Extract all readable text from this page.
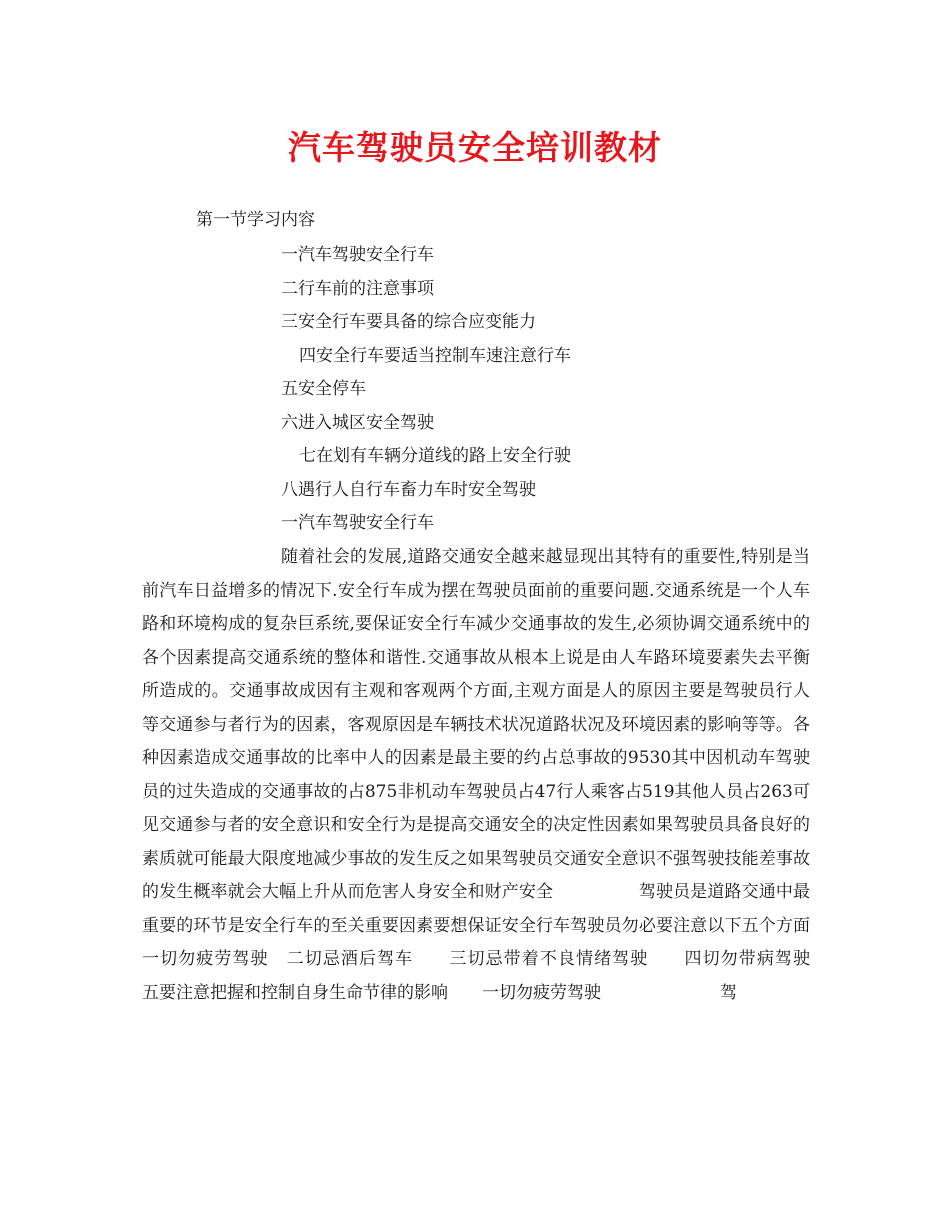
汽车驾驶员安全培训教材
第一节学习内容
一汽车驾驶安全行车
二行车前的注意事项
三安全行车要具备的综合应变能力
四安全行车要适当控制车速注意行车
五安全停车
六进入城区安全驾驶
七在划有车辆分道线的路上安全行驶
八遇行人自行车畜力车时安全驾驶
一汽车驾驶安全行车

随着社会的发展,道路交通安全越来越显现出其特有的重要性,特别是当前汽车日益增多的情况下.安全行车成为摆在驾驶员面前的重要问题.交通系统是一个人车路和环境构成的复杂巨系统,要保证安全行车减少交通事故的发生,必须协调交通系统中的各个因素提高交通系统的整体和谐性.交通事故从根本上说是由人车路环境要素失去平衡所造成的。交通事故成因有主观和客观两个方面,主观方面是人的原因主要是驾驶员行人等交通参与者行为的因素，客观原因是车辆技术状况道路状况及环境因素的影响等等。各种因素造成交通事故的比率中人的因素是最主要的约占总事故的9530其中因机动车驾驶员的过失造成的交通事故的占875非机动车驾驶员占47行人乘客占519其他人员占263可见交通参与者的安全意识和安全行为是提高交通安全的决定性因素如果驾驶员具备良好的素质就可能最大限度地减少事故的发生反之如果驾驶员交通安全意识不强驾驶技能差事故的发生概率就会大幅上升从而危害人身安全和财产安全　　　　　驾驶员是道路交通中最重要的环节是安全行车的至关重要因素要想保证安全行车驾驶员勿必要注意以下五个方面　一切勿疲劳驾驶　二切忌酒后驾车　　三切忌带着不良情绪驾驶　　四切勿带病驾驶　　五要注意把握和控制自身生命节律的影响　　一切勿疲劳驾驶　　　　　　　驾
